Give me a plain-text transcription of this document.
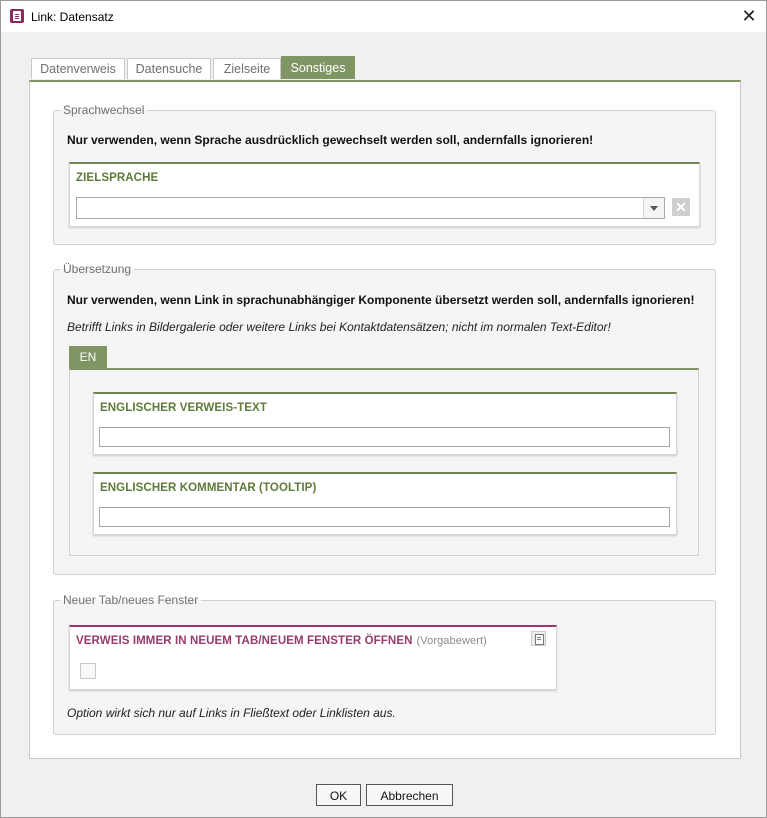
Link: Datensatz	✕
Datenverweis	Datensuche	Zielseite	Sonstiges
Sprachwechsel
Nur verwenden, wenn Sprache ausdrücklich gewechselt werden soll, andernfalls ignorieren!
ZIELSPRACHE
✕
Übersetzung
Nur verwenden, wenn Link in sprachunabhängiger Komponente übersetzt werden soll, andernfalls ignorieren!
Betrifft Links in Bildergalerie oder weitere Links bei Kontaktdatensätzen; nicht im normalen Text-Editor!
EN
ENGLISCHER VERWEIS-TEXT
ENGLISCHER KOMMENTAR (TOOLTIP)
Neuer Tab/neues Fenster
VERWEIS IMMER IN NEUEM TAB/NEUEM FENSTER ÖFFNEN (Vorgabewert)
Option wirkt sich nur auf Links in Fließtext oder Linklisten aus.
OK	Abbrechen
